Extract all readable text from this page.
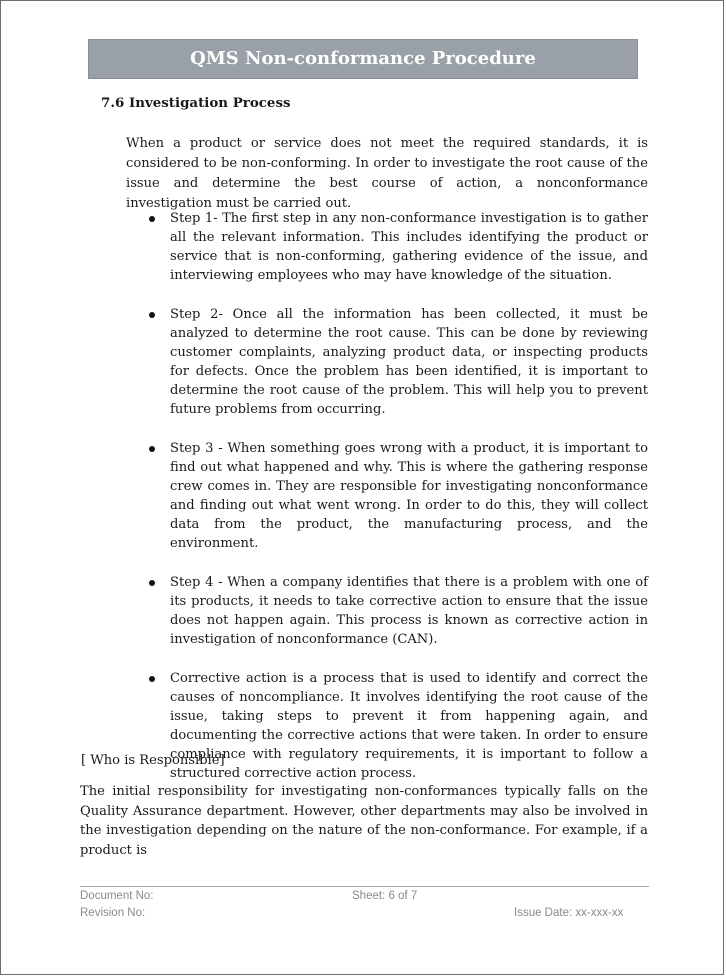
QMS Non-conformance Procedure
7.6 Investigation Process

When a product or service does not meet the required standards, it is considered to be non-conforming. In order to investigate the root cause of the issue and determine the best course of action, a nonconformance investigation must be carried out.

Step 1- The first step in any non-conformance investigation is to gather all the relevant information. This includes identifying the product or service that is non-conforming, gathering evidence of the issue, and interviewing employees who may have knowledge of the situation.
Step 2- Once all the information has been collected, it must be analyzed to determine the root cause. This can be done by reviewing customer complaints, analyzing product data, or inspecting products for defects. Once the problem has been identified, it is important to determine the root cause of the problem. This will help you to prevent future problems from occurring.
Step 3 - When something goes wrong with a product, it is important to find out what happened and why. This is where the gathering response crew comes in. They are responsible for investigating nonconformance and finding out what went wrong. In order to do this, they will collect data from the product, the manufacturing process, and the environment.
Step 4 - When a company identifies that there is a problem with one of its products, it needs to take corrective action to ensure that the issue does not happen again. This process is known as corrective action in investigation of nonconformance (CAN).
Corrective action is a process that is used to identify and correct the causes of noncompliance. It involves identifying the root cause of the issue, taking steps to prevent it from happening again, and documenting the corrective actions that were taken. In order to ensure compliance with regulatory requirements, it is important to follow a structured corrective action process.
[ Who is Responsible]

The initial responsibility for investigating non-conformances typically falls on the Quality Assurance department. However, other departments may also be involved in the investigation depending on the nature of the non-conformance. For example, if a product is

Document No:	Sheet: 6 of 7
Revision No:	Issue Date: xx-xxx-xx
